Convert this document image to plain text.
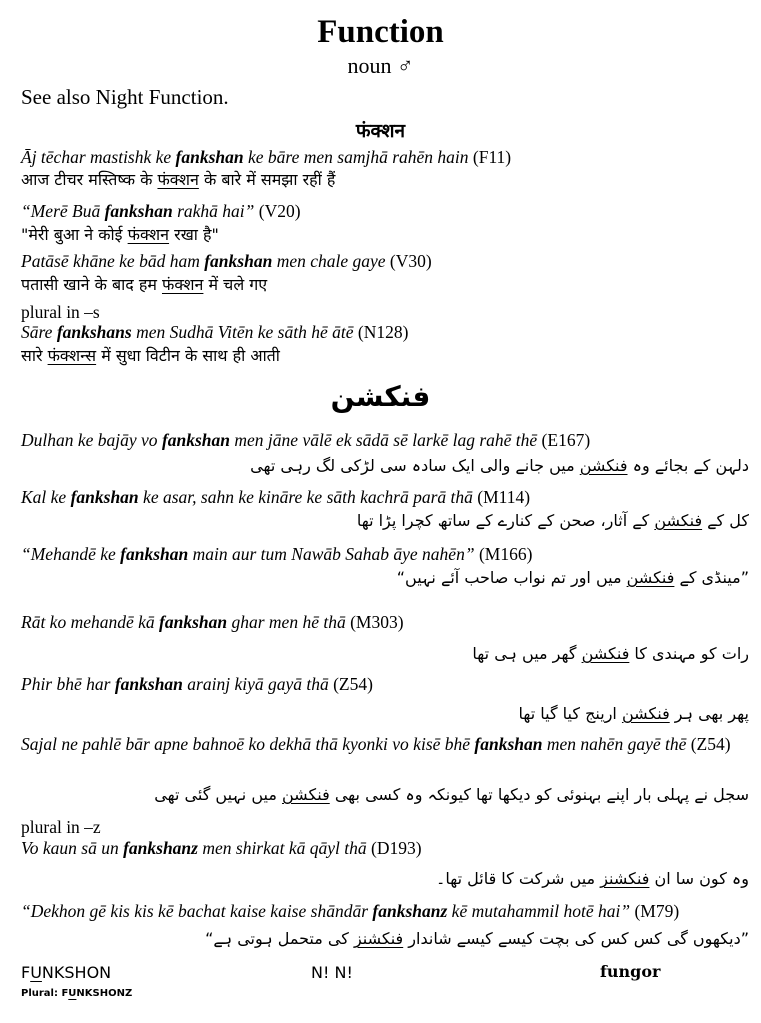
Function
noun ♂
See also Night Function.
फंक्शन
Āj tēchar mastishk ke fankshan ke bāre men samjhā rahēn hain (F11)
आज टीचर मस्तिष्क के फंक्शन के बारे में समझा रहीं हैं
“Merē Buā fankshan rakhā hai” (V20)
"मेरी बुआ ने कोई फंक्शन रखा है"
Patāsē khāne ke bād ham fankshan men chale gaye (V30)
पतासी खाने के बाद हम फंक्शन में चले गए
plural in –s
Sāre fankshans men Sudhā Vitēn ke sāth hē ātē (N128)
सारे फंक्शन्स में सुधा विटीन के साथ ही आती
فنکشن
Dulhan ke bajāy vo fankshan men jāne vālē ek sādā sē larkē lag rahē thē (E167)
دلہن کے بجائے وہ فنکشن میں جانے والی ایک سادہ سی لڑکی لگ رہی تھی
Kal ke fankshan ke asar, sahn ke kināre ke sāth kachrā parā thā (M114)
کل کے فنکشن کے آثار، صحن کے کنارے کے ساتھ کچرا پڑا تھا
“Mehandē ke fankshan main aur tum Nawāb Sahab āye nahēn” (M166)
”مینڈی کے فنکشن میں اور تم نواب صاحب آئے نہیں“
Rāt ko mehandē kā fankshan ghar men hē thā (M303)
رات کو مہندی کا فنکشن گھر میں ہی تھا
Phir bhē har fankshan arainj kiyā gayā thā (Z54)
پھر بھی ہر فنکشن ارینج کیا گیا تھا
Sajal ne pahlē bār apne bahnoē ko dekhā thā kyonki vo kisē bhē fankshan men nahēn gayē thē (Z54)
سجل نے پہلی بار اپنے بہنوئی کو دیکھا تھا کیونکہ وہ کسی بھی فنکشن میں نہیں گئی تھی
plural in –z
Vo kaun sā un fankshanz men shirkat kā qāyl thā (D193)
وہ کون سا ان فنکشنز میں شرکت کا قائل تھا۔
“Dekhon gē kis kis kē bachat kaise kaise shāndār fankshanz kē mutahammil hotē hai” (M79)
”دیکھوں گی کس کس کی بچت کیسے کیسے شاندار فنکشنز کی متحمل ہوتی ہے“
FUNKSHON
Plural: FUNKSHONZ
N! N!	fungor
